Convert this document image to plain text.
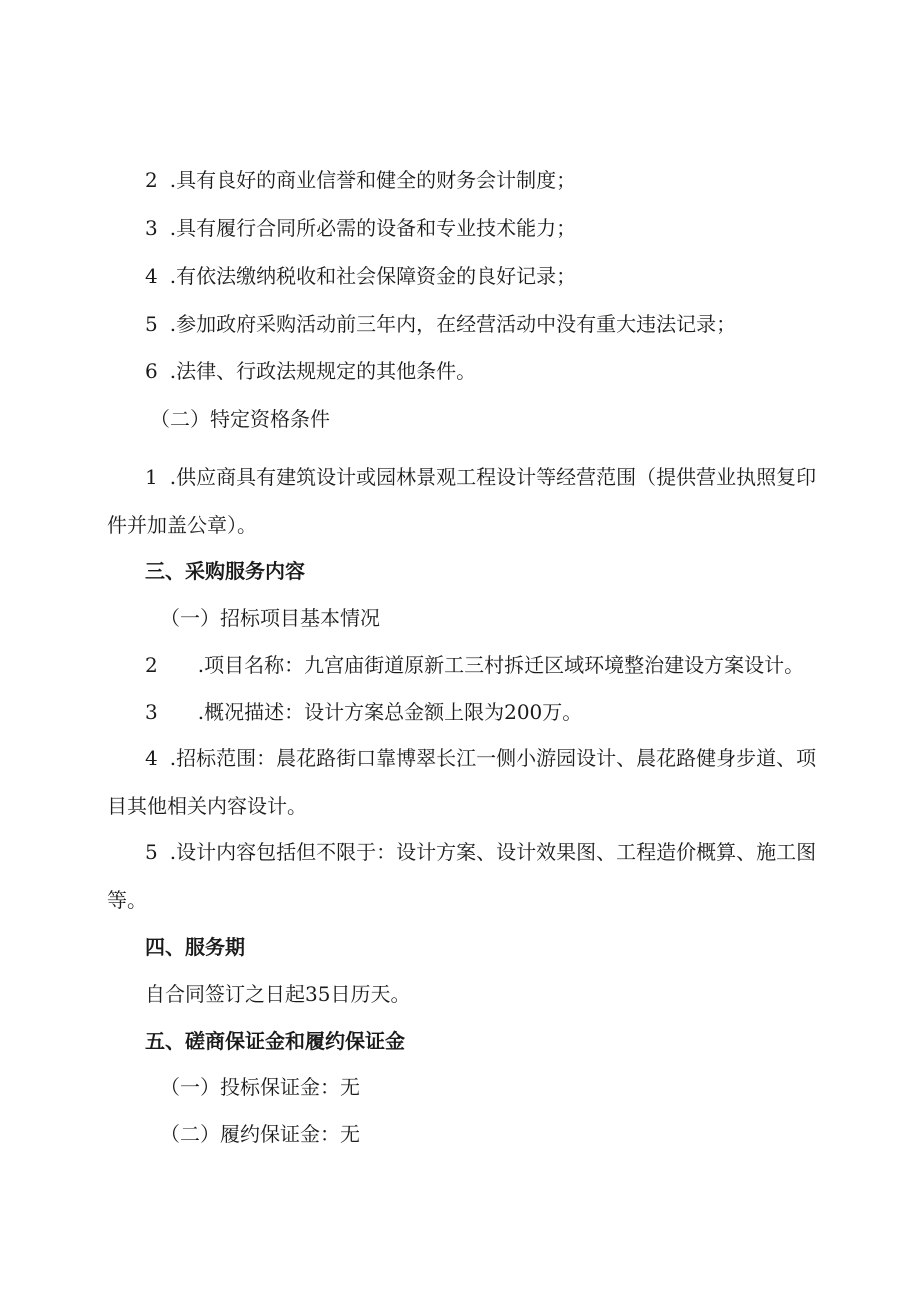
2 .具有良好的商业信誉和健全的财务会计制度；

3 .具有履行合同所必需的设备和专业技术能力；

4 .有依法缴纳税收和社会保障资金的良好记录；

5 .参加政府采购活动前三年内，在经营活动中没有重大违法记录；

6 .法律、行政法规规定的其他条件。

（二）特定资格条件

1 .供应商具有建筑设计或园林景观工程设计等经营范围（提供营业执照复印

件并加盖公章）。

三、采购服务内容

（一）招标项目基本情况

2 .项目名称：九宫庙街道原新工三村拆迁区域环境整治建设方案设计。

3 .概况描述：设计方案总金额上限为200万。

4 .招标范围：晨花路街口靠博翠长江一侧小游园设计、晨花路健身步道、项

目其他相关内容设计。

5 .设计内容包括但不限于：设计方案、设计效果图、工程造价概算、施工图

等。

四、服务期

自合同签订之日起35日历天。

五、磋商保证金和履约保证金

（一）投标保证金：无

（二）履约保证金：无
